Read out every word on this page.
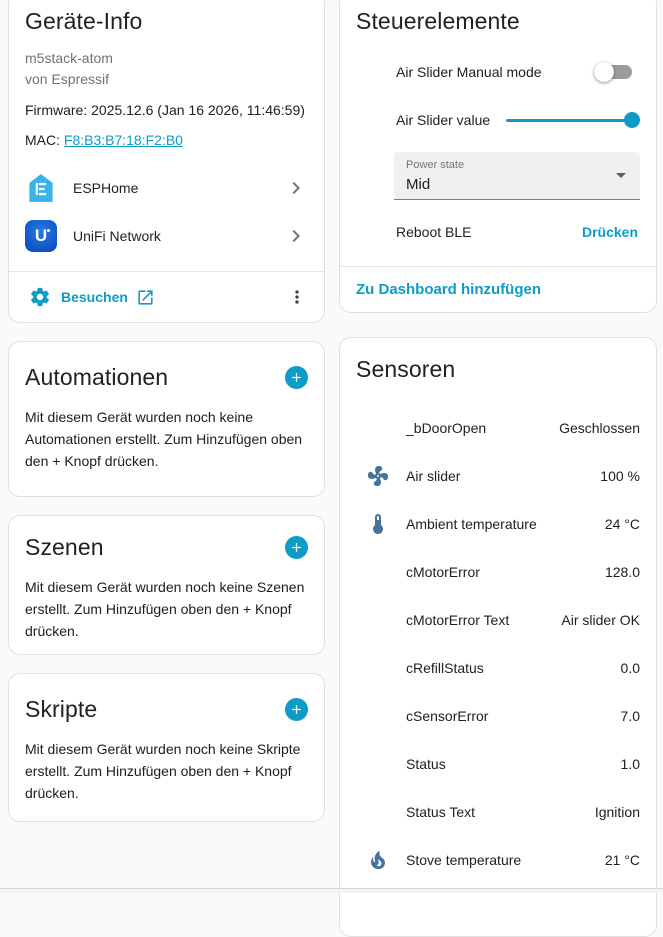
Geräte-Info
m5stack-atom
von Espressif
Firmware: 2025.12.6 (Jan 16 2026, 11:46:59)
MAC: F8:B3:B7:18:F2:B0
ESPHome
U UniFi Network
Besuchen
Automationen

Mit diesem Gerät wurden noch keine Automationen erstellt. Zum Hinzufügen oben den + Knopf drücken.

Szenen

Mit diesem Gerät wurden noch keine Szenen erstellt. Zum Hinzufügen oben den + Knopf drücken.

Skripte

Mit diesem Gerät wurden noch keine Skripte erstellt. Zum Hinzufügen oben den + Knopf drücken.

Steuerelemente
Air Slider Manual mode
Air Slider value
Power state
Mid
Reboot BLE	Drücken
Zu Dashboard hinzufügen
Sensoren
_bDoorOpen	Geschlossen
Air slider	100 %
Ambient temperature	24 °C
cMotorError	128.0
cMotorError Text	Air slider OK
cRefillStatus	0.0
cSensorError	7.0
Status	1.0
Status Text	Ignition
Stove temperature	21 °C
